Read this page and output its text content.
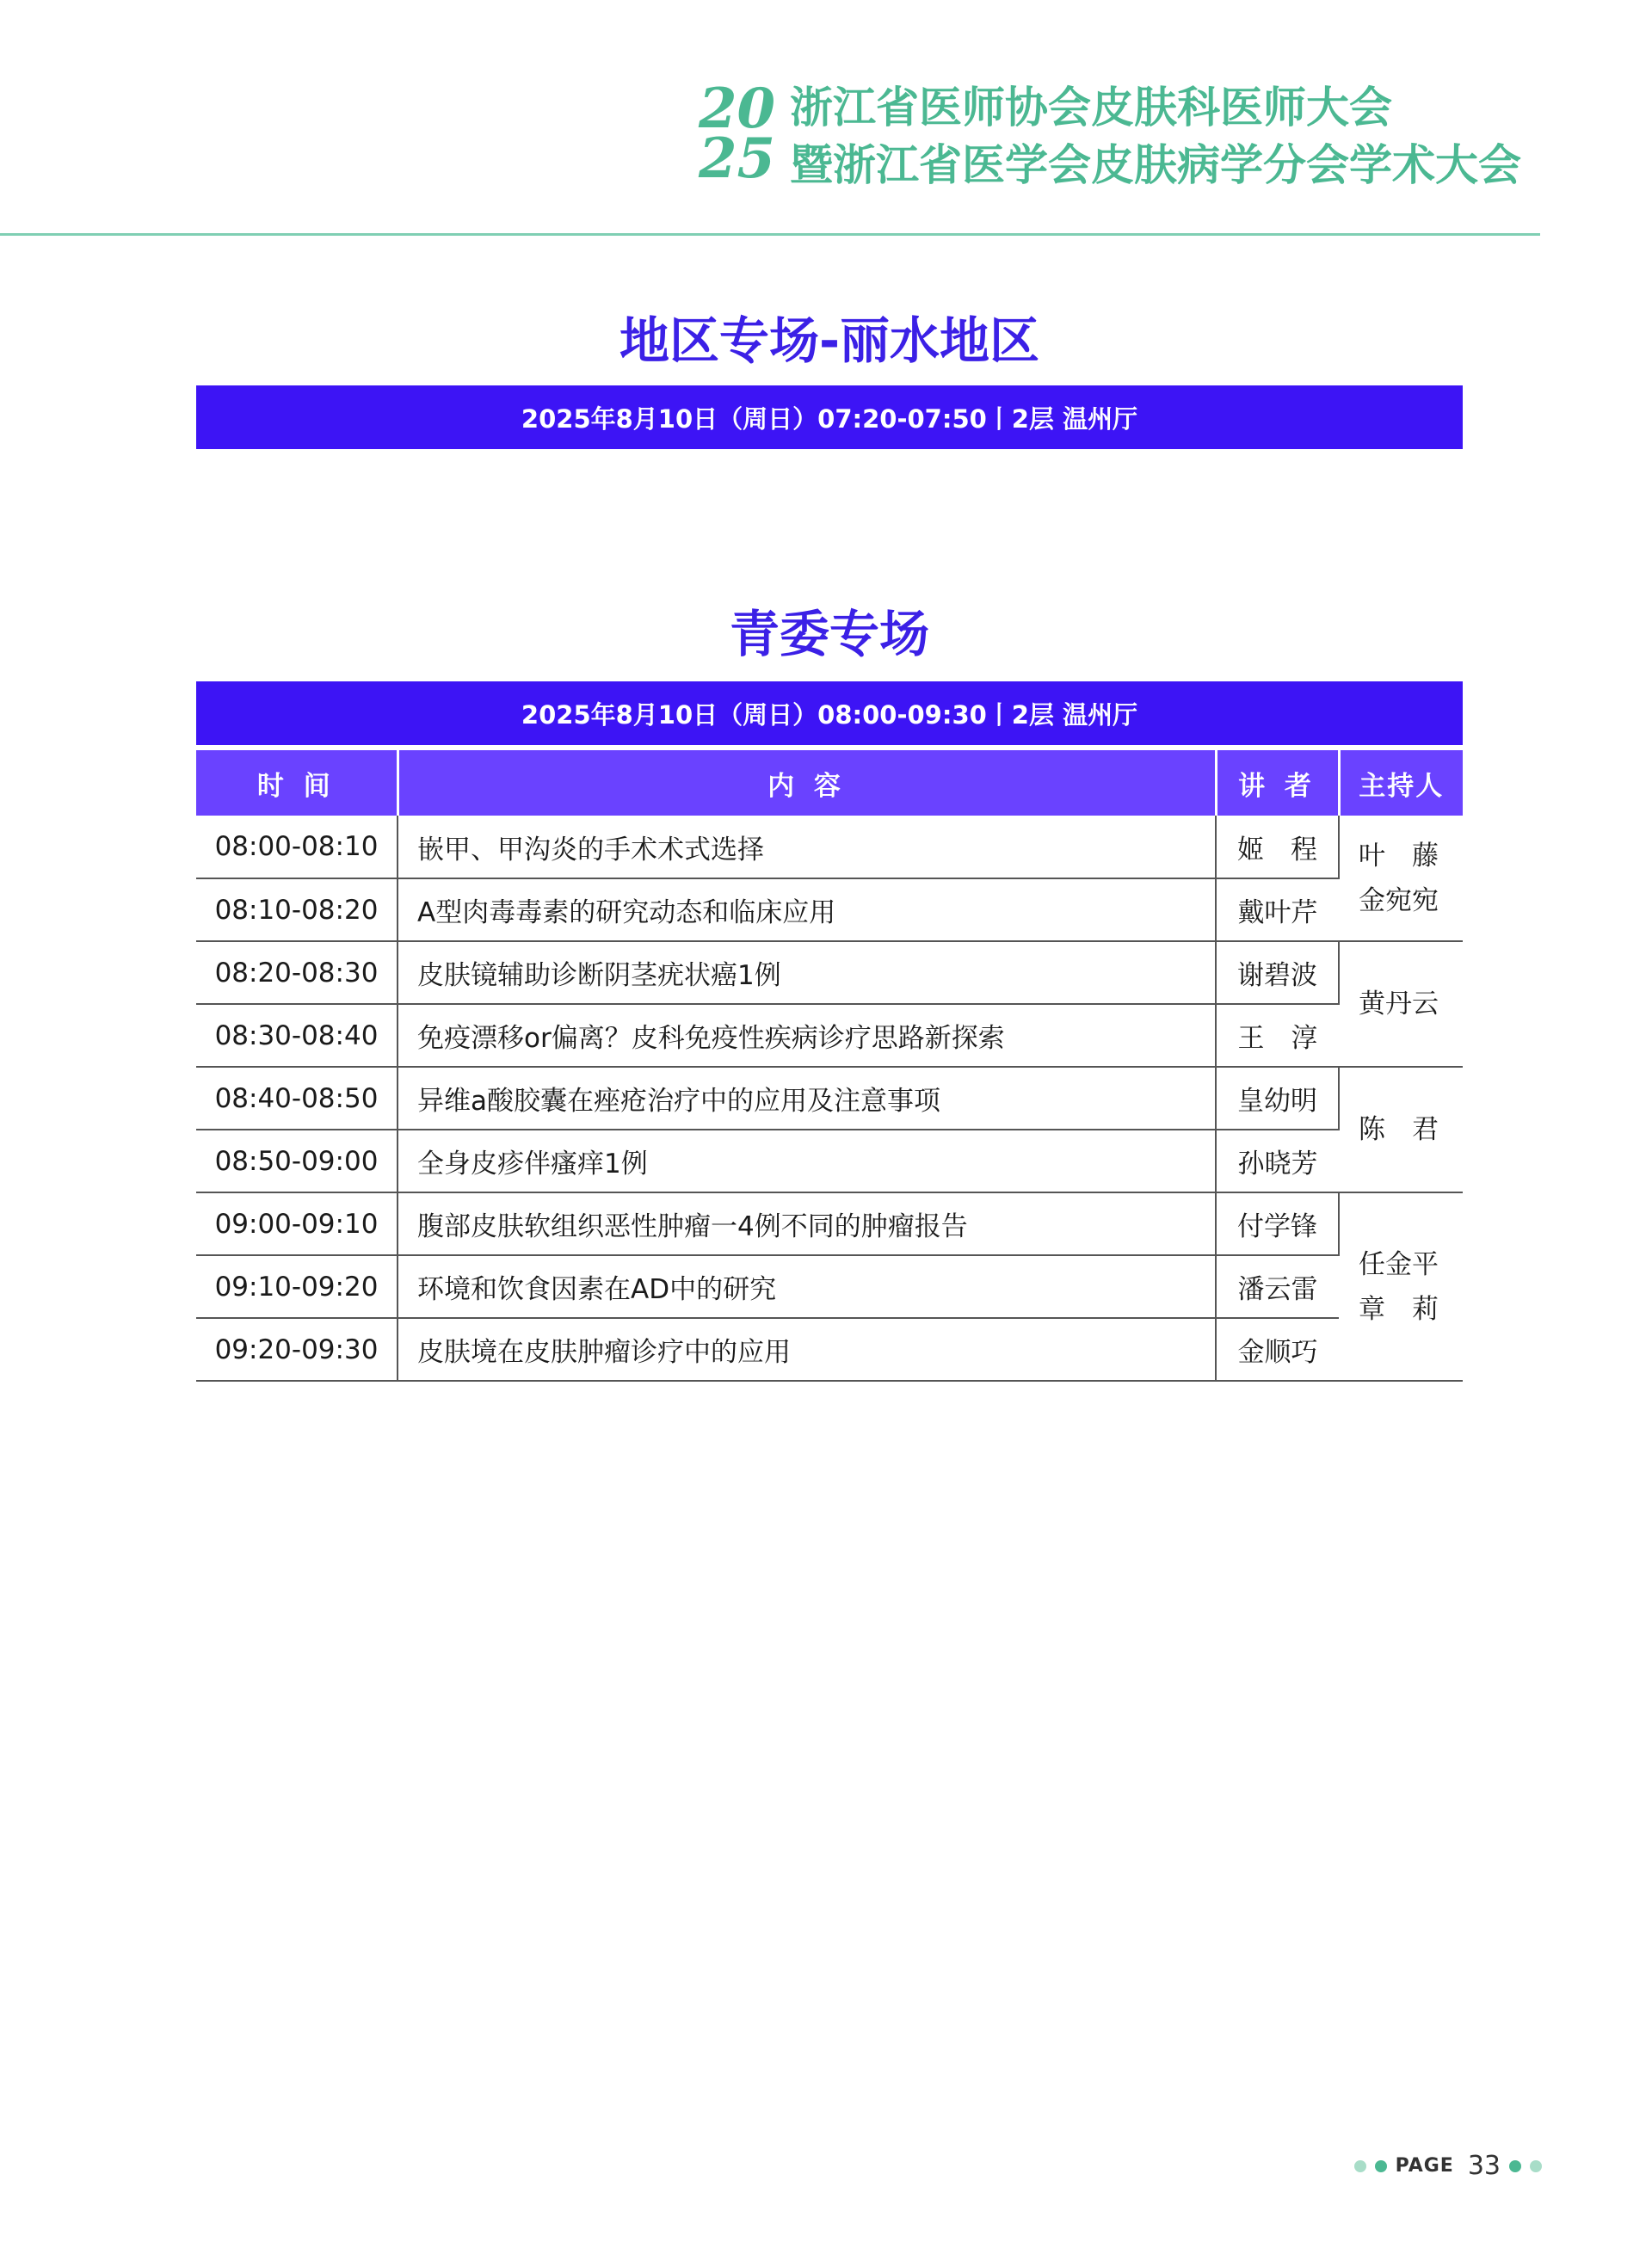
20
25
浙江省医师协会皮肤科医师大会
暨浙江省医学会皮肤病学分会学术大会
地区专场-丽水地区
2025年8月10日（周日）07:20-07:50丨2层 温州厅
青委专场
2025年8月10日（周日）08:00-09:30丨2层 温州厅
时 间	内 容	讲 者	主持人
08:00-08:10	嵌甲、甲沟炎的手术术式选择	姬　程	叶　藤
金宛宛

08:10-08:20	A型肉毒毒素的研究动态和临床应用	戴叶芹	
08:20-08:30	皮肤镜辅助诊断阴茎疣状癌1例	谢碧波	黄丹云

08:30-08:40	免疫漂移or偏离？皮科免疫性疾病诊疗思路新探索	王　淳	
08:40-08:50	异维a酸胶囊在痤疮治疗中的应用及注意事项	皇幼明	陈　君

08:50-09:00	全身皮疹伴瘙痒1例	孙晓芳	
09:00-09:10	腹部皮肤软组织恶性肿瘤一4例不同的肿瘤报告	付学锋	任金平
章　莉

09:10-09:20	环境和饮食因素在AD中的研究	潘云雷	
09:20-09:30	皮肤境在皮肤肿瘤诊疗中的应用	金顺巧	
PAGE 33
